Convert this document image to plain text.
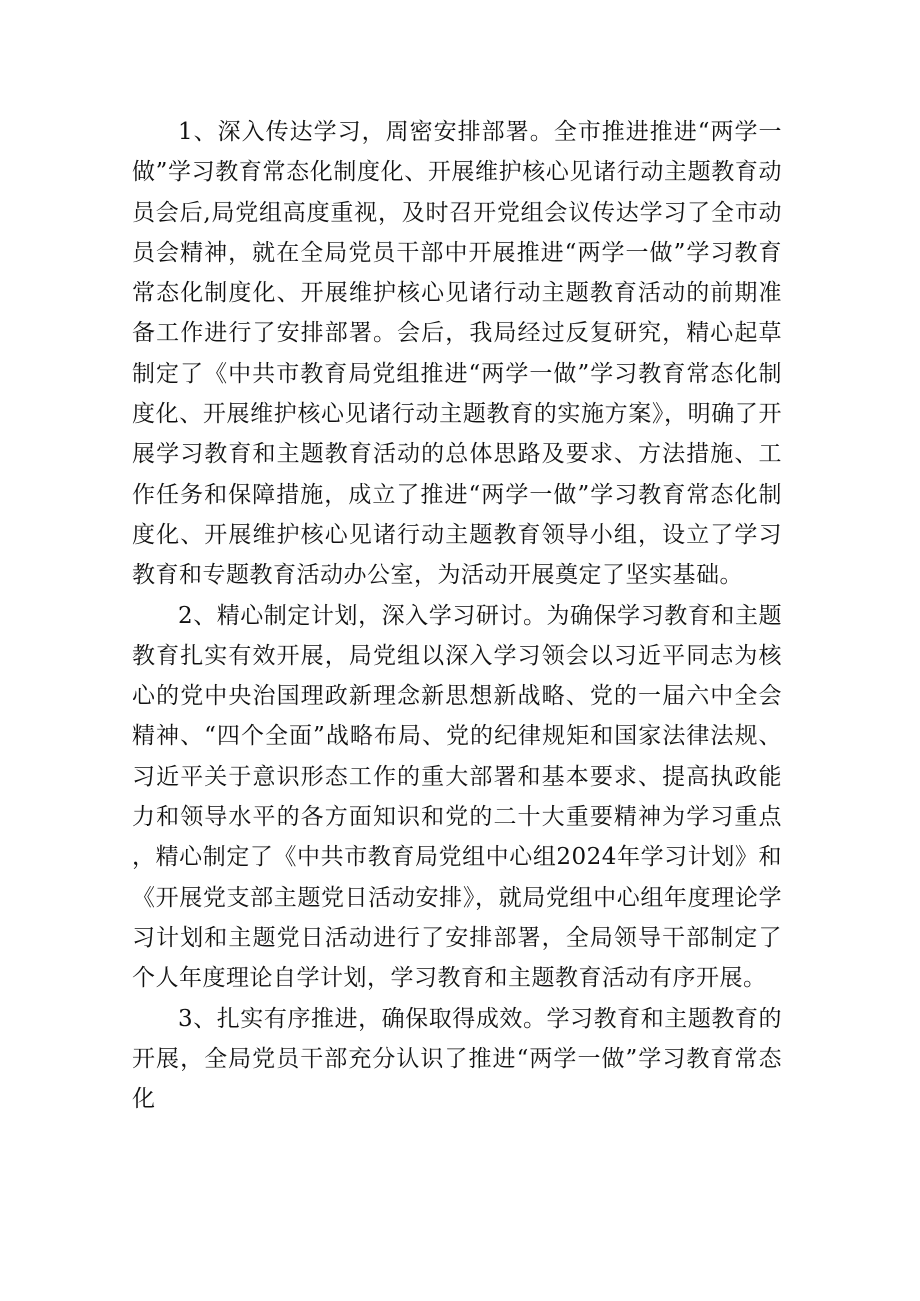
1、深入传达学习，周密安排部署。全市推进推进“两学一做”学习教育常态化制度化、开展维护核心见诸行动主题教育动员会后,局党组高度重视，及时召开党组会议传达学习了全市动员会精神，就在全局党员干部中开展推进“两学一做”学习教育常态化制度化、开展维护核心见诸行动主题教育活动的前期准备工作进行了安排部署。会后，我局经过反复研究，精心起草制定了《中共市教育局党组推进“两学一做”学习教育常态化制度化、开展维护核心见诸行动主题教育的实施方案》，明确了开展学习教育和主题教育活动的总体思路及要求、方法措施、工作任务和保障措施，成立了推进“两学一做”学习教育常态化制度化、开展维护核心见诸行动主题教育领导小组，设立了学习教育和专题教育活动办公室，为活动开展奠定了坚实基础。

2、精心制定计划，深入学习研讨。为确保学习教育和主题教育扎实有效开展，局党组以深入学习领会以习近平同志为核心的党中央治国理政新理念新思想新战略、党的一届六中全会精神、“四个全面”战略布局、党的纪律规矩和国家法律法规、习近平关于意识形态工作的重大部署和基本要求、提高执政能力和领导水平的各方面知识和党的二十大重要精神为学习重点，精心制定了《中共市教育局党组中心组2024年学习计划》和《开展党支部主题党日活动安排》，就局党组中心组年度理论学习计划和主题党日活动进行了安排部署，全局领导干部制定了个人年度理论自学计划，学习教育和主题教育活动有序开展。

3、扎实有序推进，确保取得成效。学习教育和主题教育的开展，全局党员干部充分认识了推进“两学一做”学习教育常态化
